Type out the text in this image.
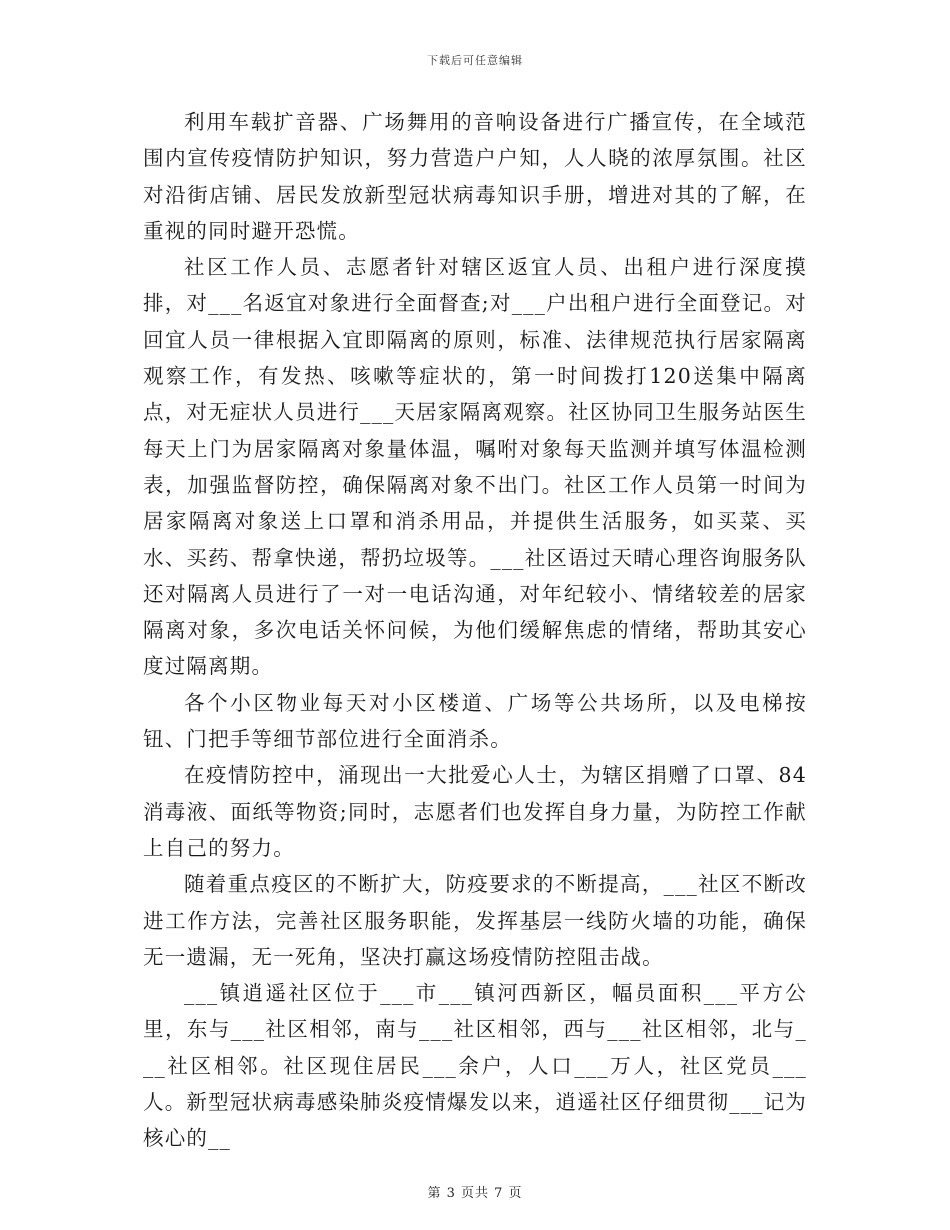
下载后可任意编辑

利用车载扩音器、广场舞用的音响设备进行广播宣传，在全域范围内宣传疫情防护知识，努力营造户户知，人人晓的浓厚氛围。社区对沿街店铺、居民发放新型冠状病毒知识手册，增进对其的了解，在重视的同时避开恐慌。

社区工作人员、志愿者针对辖区返宜人员、出租户进行深度摸排，对___名返宜对象进行全面督查;对___户出租户进行全面登记。对回宜人员一律根据入宜即隔离的原则，标准、法律规范执行居家隔离观察工作，有发热、咳嗽等症状的，第一时间拨打120送集中隔离点，对无症状人员进行___天居家隔离观察。社区协同卫生服务站医生每天上门为居家隔离对象量体温，嘱咐对象每天监测并填写体温检测表，加强监督防控，确保隔离对象不出门。社区工作人员第一时间为居家隔离对象送上口罩和消杀用品，并提供生活服务，如买菜、买水、买药、帮拿快递，帮扔垃圾等。___社区语过天晴心理咨询服务队还对隔离人员进行了一对一电话沟通，对年纪较小、情绪较差的居家隔离对象，多次电话关怀问候，为他们缓解焦虑的情绪，帮助其安心度过隔离期。

各个小区物业每天对小区楼道、广场等公共场所，以及电梯按钮、门把手等细节部位进行全面消杀。

在疫情防控中，涌现出一大批爱心人士，为辖区捐赠了口罩、84消毒液、面纸等物资;同时，志愿者们也发挥自身力量，为防控工作献上自己的努力。

随着重点疫区的不断扩大，防疫要求的不断提高，___社区不断改进工作方法，完善社区服务职能，发挥基层一线防火墙的功能，确保无一遗漏，无一死角，坚决打赢这场疫情防控阻击战。

___镇逍遥社区位于___市___镇河西新区，幅员面积___平方公里，东与___社区相邻，南与___社区相邻，西与___社区相邻，北与___社区相邻。社区现住居民___余户，人口___万人，社区党员___人。新型冠状病毒感染肺炎疫情爆发以来，逍遥社区仔细贯彻___记为核心的__

第 3 页共 7 页
